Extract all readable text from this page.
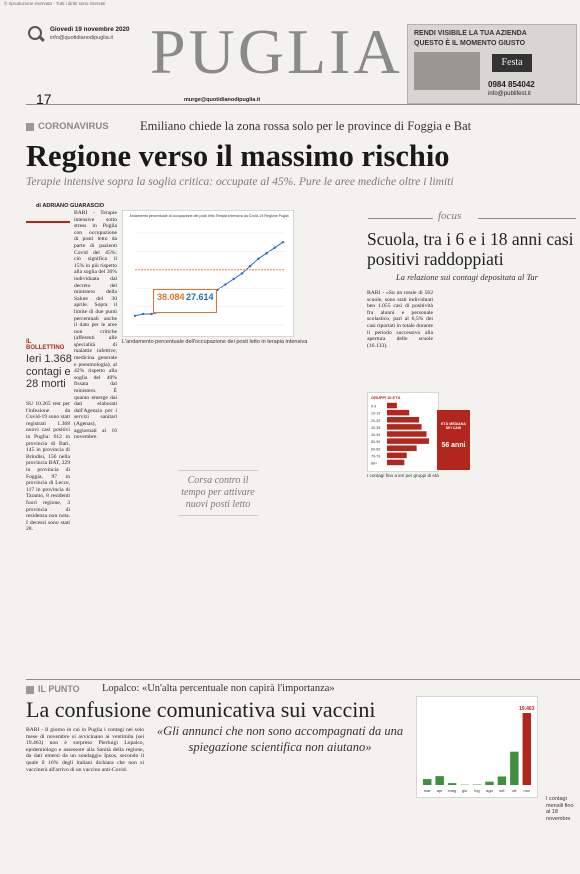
© riproduzione riservata · Tutti i diritti sono riservati
Giovedì 19 novembre 2020
info@quotidianodipuglia.it PUGLIA
17	murge@quotidianodipuglia.it
RENDI VISIBILE LA TUA AZIENDA
QUESTO È IL MOMENTO GIUSTO
Festa
0984 854042
info@publifest.it
CORONAVIRUS	Emiliano chiede la zona rossa solo per le province di Foggia e Bat
Regione verso il massimo rischio
Terapie intensive sopra la soglia critica: occupate al 45%. Pure le aree mediche oltre i limiti
di ADRIANO GUARASCIO
BARI - Terapie intensive sotto stress in Puglia con occupazione di posti letto da parte di pazienti Covid del 45%: ciò significa il 15% in più rispetto alla soglia del 30% individuata dal decreto del ministero della Salute del 30 aprile. Sopra il limite di due punti percentuali anche il dato per le aree non critiche (afferenti alle specialità di malattie infettive, medicina generale e pneumologia), al 42% rispetto alla soglia del 40% fissata dal ministero. È quanto emerge dai dati elaborati dall'Agenzia per i servizi sanitari (Agenas), aggiornati al 16 novembre.
IL BOLLETTINO
Ieri 1.368 contagi e 28 morti
SU 10.265 test per l'infezione da Covid-19 sono stati registrati 1.368 nuovi casi positivi in Puglia: 612 in provincia di Bari, 145 in provincia di Brindisi, 156 nella provincia BAT, 229 in provincia di Foggia, 97 in provincia di Lecce, 117 in provincia di Taranto, 8 residenti fuori regione, 3 provincia di residenza non nota. I decessi sono stati 28.
Andamento percentuale di occupazione dei posti letto Terapia Intensiva da Covid-19 Regione Puglia
38.084 27.614
L'andamento percentuale dell'occupazione dei posti letto in terapia intensiva
Corsa contro il tempo per attivare nuovi posti letto
focus
Scuola, tra i 6 e i 18 anni casi positivi raddoppiati
La relazione sui contagi depositata al Tar
BARI - «Su un totale di 562 scuole, sono stati individuati ben 1.055 casi di positività fra alunni e personale scolastico, pari al 6,5% dei casi riportati in totale durante il periodo successivo alla apertura delle scuole (16.133).
GRUPPI DI ETÀ
0-9
10-19
20-29
30-39
40-49
50-59
60-69
70-79
80+
ETÀ MEDIANA DEI CASI
56 anni
I contagi fino a ieri per gruppi di età
IL PUNTO Lopalco: «Un'alta percentuale non capirà l'importanza»
La confusione comunicativa sui vaccini
«Gli annunci che non sono accompagnati da una spiegazione scientifica non aiutano»
BARI - Il giorno in cui in Puglia i contagi nel solo mese di novembre si avvicinano ai ventimila (sei 19.463) non è sorpreso Pierluigi Lopalco, epidemiologo e assessore alla Sanità della regione, da dati emersi da un sondaggio Ipsos, secondo il quale il 16% degli italiani dichiara che non si vaccinerà all'arrivo di un vaccino anti-Covid.
mar apr mag giu lug ago set ott nov
19.463
I contagi mensili fino al 18 novembre
